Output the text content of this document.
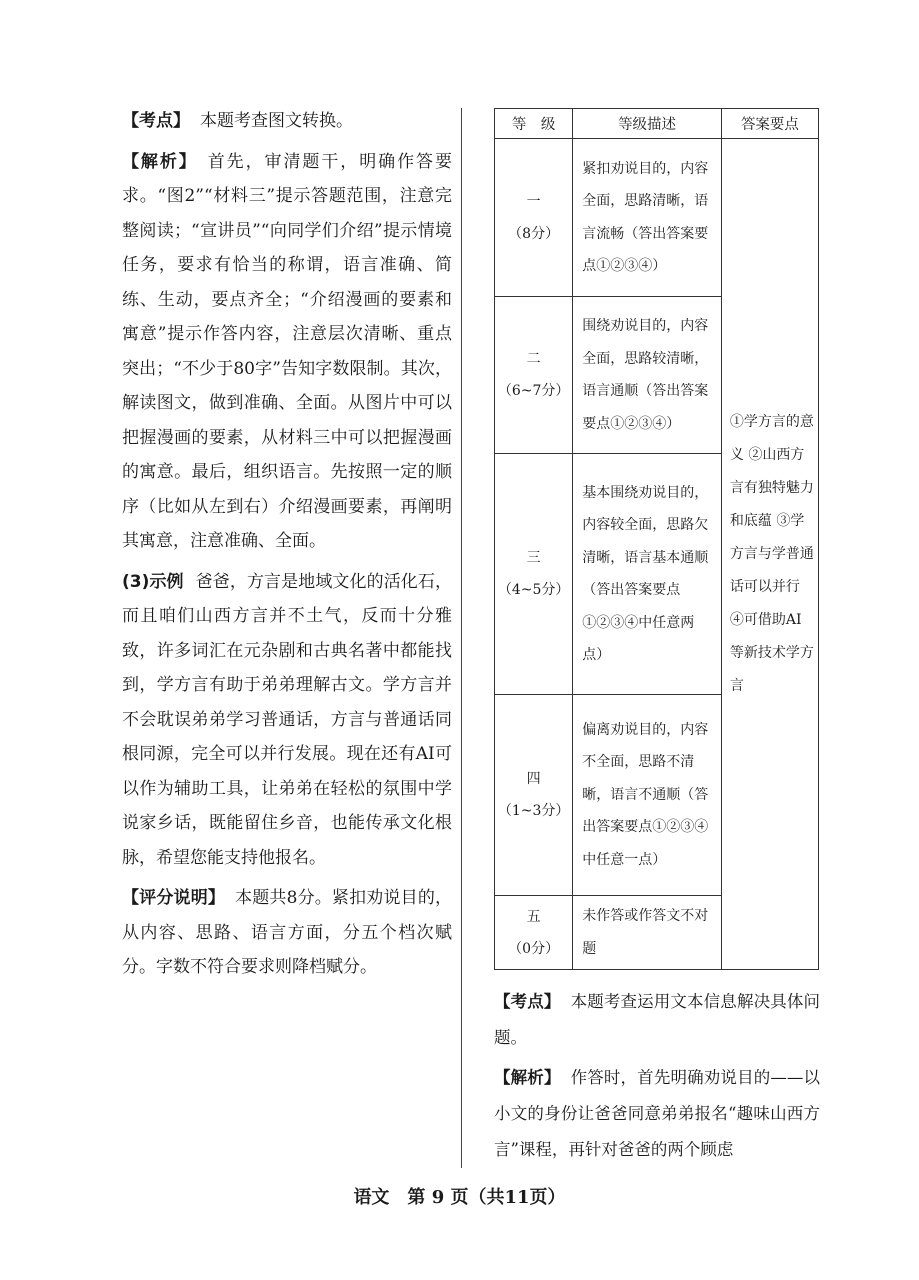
【考点】 本题考查图文转换。

【解析】 首先，审清题干，明确作答要求。“图2”“材料三”提示答题范围，注意完整阅读；“宣讲员”“向同学们介绍”提示情境任务，要求有恰当的称谓，语言准确、简练、生动，要点齐全；“介绍漫画的要素和寓意”提示作答内容，注意层次清晰、重点突出；“不少于80字”告知字数限制。其次，解读图文，做到准确、全面。从图片中可以把握漫画的要素，从材料三中可以把握漫画的寓意。最后，组织语言。先按照一定的顺序（比如从左到右）介绍漫画要素，再阐明其寓意，注意准确、全面。

(3)示例 爸爸，方言是地域文化的活化石，而且咱们山西方言并不土气，反而十分雅致，许多词汇在元杂剧和古典名著中都能找到，学方言有助于弟弟理解古文。学方言并不会耽误弟弟学习普通话，方言与普通话同根同源，完全可以并行发展。现在还有AI可以作为辅助工具，让弟弟在轻松的氛围中学说家乡话，既能留住乡音，也能传承文化根脉，希望您能支持他报名。

【评分说明】 本题共8分。紧扣劝说目的，从内容、思路、语言方面，分五个档次赋分。字数不符合要求则降档赋分。

等　级	等级描述	答案要点
一
（8分）	紧扣劝说目的，内容全面，思路清晰，语言流畅（答出答案要点①②③④）	①学方言的意义 ②山西方言有独特魅力和底蕴 ③学方言与学普通话可以并行 ④可借助AI等新技术学方言
二
（6~7分）	围绕劝说目的，内容全面，思路较清晰，语言通顺（答出答案要点①②③④）	
三
（4~5分）	基本围绕劝说目的，内容较全面，思路欠清晰，语言基本通顺（答出答案要点①②③④中任意两点）	
四
（1~3分）	偏离劝说目的，内容不全面，思路不清晰，语言不通顺（答出答案要点①②③④中任意一点）	
五
（0分）	未作答或作答文不对题	

【考点】 本题考查运用文本信息解决具体问题。

【解析】 作答时，首先明确劝说目的——以小文的身份让爸爸同意弟弟报名“趣味山西方言”课程，再针对爸爸的两个顾虑

语文　第 9 页（共11页）
